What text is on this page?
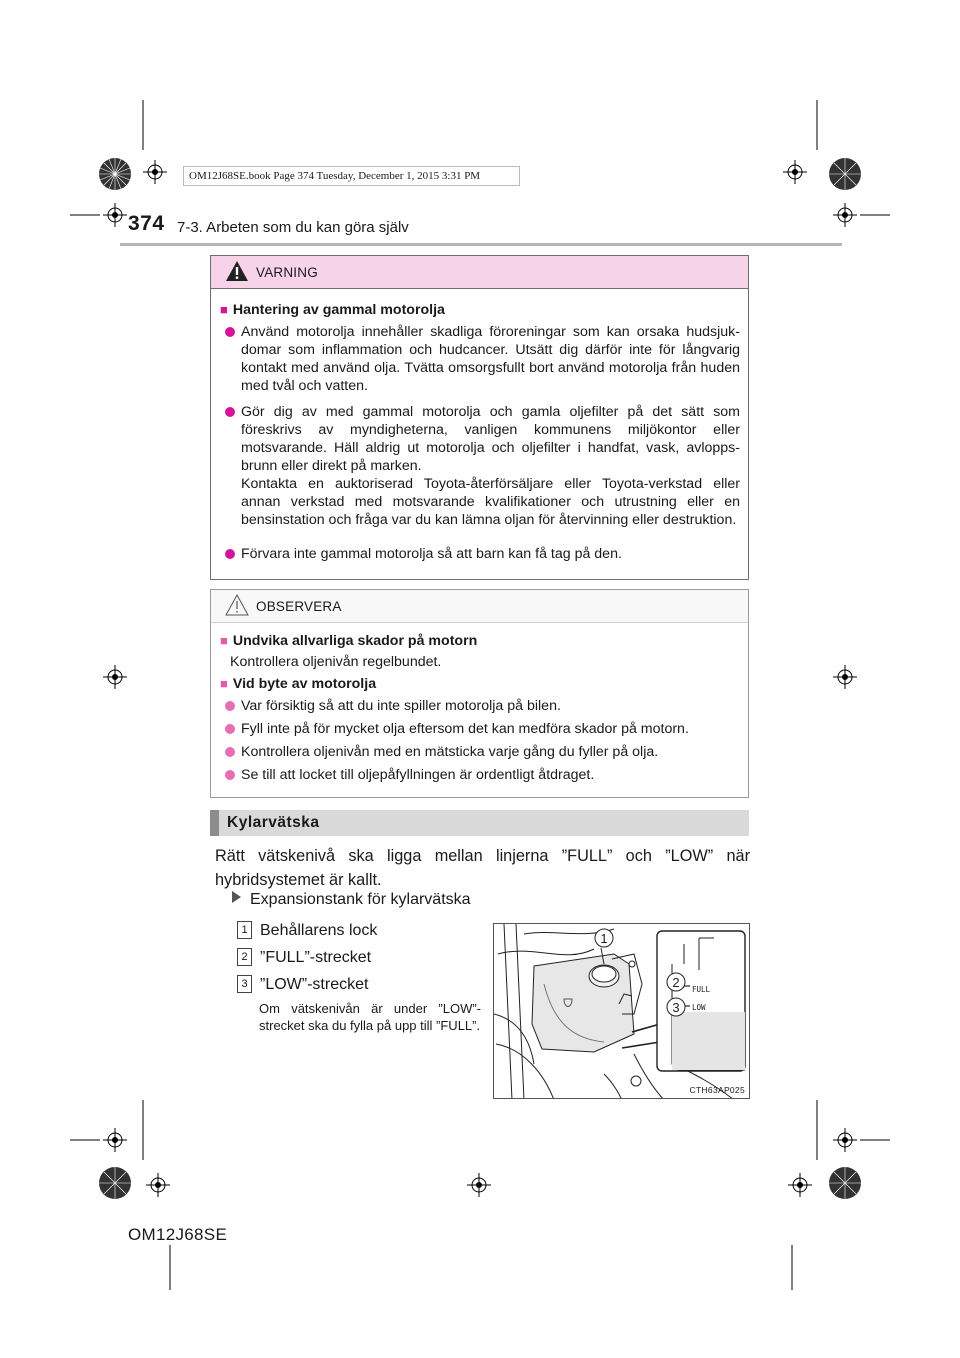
OM12J68SE.book Page 374 Tuesday, December 1, 2015 3:31 PM
374 7-3. Arbeten som du kan göra själv
VARNING
■ Hantering av gammal motorolja
Använd motorolja innehåller skadliga föroreningar som kan orsaka hudsjuk-domar som inflammation och hudcancer. Utsätt dig därför inte för långvarig kontakt med använd olja. Tvätta omsorgsfullt bort använd motorolja från huden med tvål och vatten.
Gör dig av med gammal motorolja och gamla oljefilter på det sätt som föreskrivs av myndigheterna, vanligen kommunens miljökontor eller motsvarande. Häll aldrig ut motorolja och oljefilter i handfat, vask, avlopps-brunn eller direkt på marken.
Kontakta en auktoriserad Toyota-återförsäljare eller Toyota-verkstad eller annan verkstad med motsvarande kvalifikationer och utrustning eller en bensinstation och fråga var du kan lämna oljan för återvinning eller destruktion.
Förvara inte gammal motorolja så att barn kan få tag på den.
OBSERVERA
■ Undvika allvarliga skador på motorn
Kontrollera oljenivån regelbundet.
■ Vid byte av motorolja
Var försiktig så att du inte spiller motorolja på bilen.
Fyll inte på för mycket olja eftersom det kan medföra skador på motorn.
Kontrollera oljenivån med en mätsticka varje gång du fyller på olja.
Se till att locket till oljepåfyllningen är ordentligt åtdraget.
Kylarvätska
Rätt vätskenivå ska ligga mellan linjerna ”FULL” och ”LOW” när hybridsystemet är kallt.
Expansionstank för kylarvätska
1 Behållarens lock
2 ”FULL”-strecket
3 ”LOW”-strecket
Om vätskenivån är under ”LOW”-strecket ska du fylla på upp till ”FULL”.
FULL
LOW
1
2
3
CTH63AP025
OM12J68SE
